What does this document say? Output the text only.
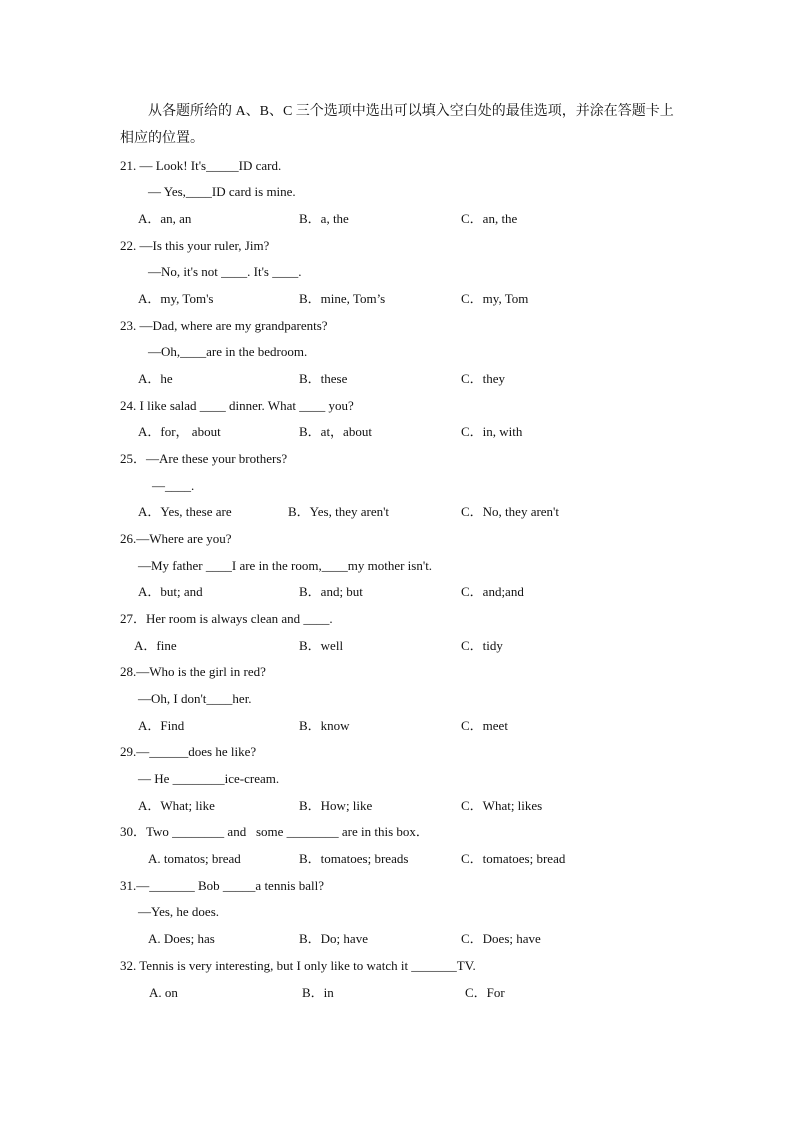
从各题所给的 A、B、C 三个选项中选出可以填入空白处的最佳选项，并涂在答题卡上
相应的位置。
21. — Look! It's_____ID card.
— Yes,____ID card is mine.
A．an, an	B．a, the	C．an, the
22. —Is this your ruler, Jim?
—No, it's not ____. It's ____.
A．my, Tom's	B．mine, Tom’s	C．my, Tom
23. —Dad, where are my grandparents?
—Oh,____are in the bedroom.
A．he	B．these	C．they
24. I like salad ____ dinner. What ____ you?
A．for， about	B．at，about	C．in, with
25．—Are these your brothers?
—____.
A．Yes, these are	B．Yes, they aren't	C．No, they aren't
26.—Where are you?
—My father ____I are in the room,____my mother isn't.
A．but; and	B．and; but	C．and;and
27．Her room is always clean and ____.
A．fine	B．well	C．tidy
28.—Who is the girl in red?
—Oh, I don't____her.
A．Find	B．know	C．meet
29.—______does he like?
— He ________ice-cream.
A．What; like	B．How; like	C．What; likes
30．Two ________ and   some ________ are in this box．
A. tomatos; bread	B．tomatoes; breads	C．tomatoes; bread
31.—_______ Bob _____a tennis ball?
—Yes, he does.
A. Does; has	B．Do; have	C．Does; have
32. Tennis is very interesting, but I only like to watch it _______TV.
A. on	B．in	C．For
